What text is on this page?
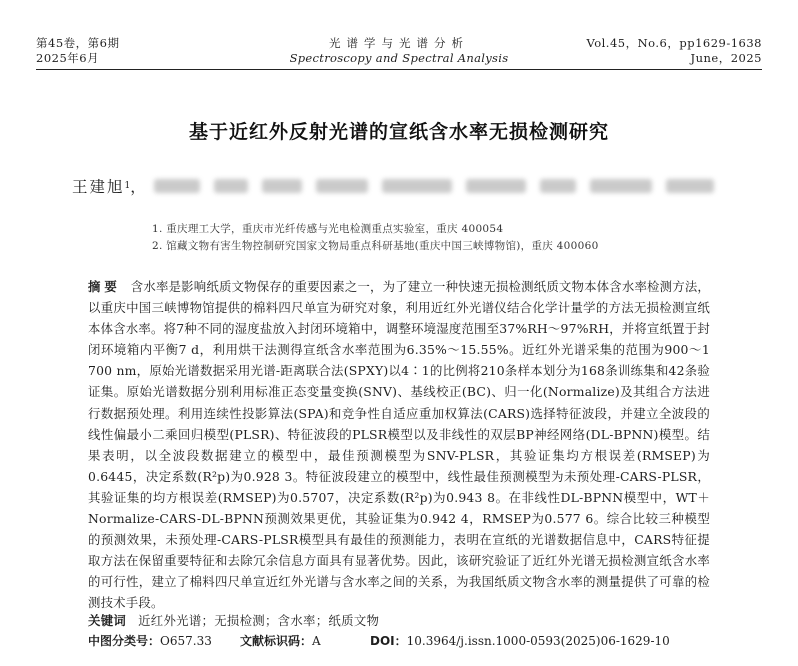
第45卷，第6期
2025年6月
光谱学与光谱分析
Spectroscopy and Spectral Analysis
Vol.45，No.6，pp1629-1638
June，2025
基于近红外反射光谱的宣纸含水率无损检测研究
王建旭 1 ，
1. 重庆理工大学，重庆市光纤传感与光电检测重点实验室，重庆 400054
2. 馆藏文物有害生物控制研究国家文物局重点科研基地(重庆中国三峡博物馆)，重庆 400060
摘要 含水率是影响纸质文物保存的重要因素之一，为了建立一种快速无损检测纸质文物本体含水率检测方法，以重庆中国三峡博物馆提供的棉料四尺单宣为研究对象，利用近红外光谱仪结合化学计量学的方法无损检测宣纸本体含水率。将7种不同的湿度盐放入封闭环境箱中，调整环境湿度范围至37%RH～97%RH，并将宣纸置于封闭环境箱内平衡7 d，利用烘干法测得宣纸含水率范围为6.35%～15.55%。近红外光谱采集的范围为900～1 700 nm，原始光谱数据采用光谱-距离联合法(SPXY)以4∶1的比例将210条样本划分为168条训练集和42条验证集。原始光谱数据分别利用标准正态变量变换(SNV)、基线校正(BC)、归一化(Normalize)及其组合方法进行数据预处理。利用连续性投影算法(SPA)和竞争性自适应重加权算法(CARS)选择特征波段，并建立全波段的线性偏最小二乘回归模型(PLSR)、特征波段的PLSR模型以及非线性的双层BP神经网络(DL-BPNN)模型。结果表明，以全波段数据建立的模型中，最佳预测模型为SNV-PLSR，其验证集均方根误差(RMSEP)为0.6445，决定系数(R²p)为0.928 3。特征波段建立的模型中，线性最佳预测模型为未预处理-CARS-PLSR，其验证集的均方根误差(RMSEP)为0.5707，决定系数(R²p)为0.943 8。在非线性DL-BPNN模型中，WT＋Normalize-CARS-DL-BPNN预测效果更优，其验证集为0.942 4，RMSEP为0.577 6。综合比较三种模型的预测效果，未预处理-CARS-PLSR模型具有最佳的预测能力，表明在宣纸的光谱数据信息中，CARS特征提取方法在保留重要特征和去除冗余信息方面具有显著优势。因此，该研究验证了近红外光谱无损检测宣纸含水率的可行性，建立了棉料四尺单宣近红外光谱与含水率之间的关系，为我国纸质文物含水率的测量提供了可靠的检测技术手段。
关键词 近红外光谱；无损检测；含水率；纸质文物
中图分类号：O657.33	文献标识码：A	DOI：10.3964/j.issn.1000-0593(2025)06-1629-10
